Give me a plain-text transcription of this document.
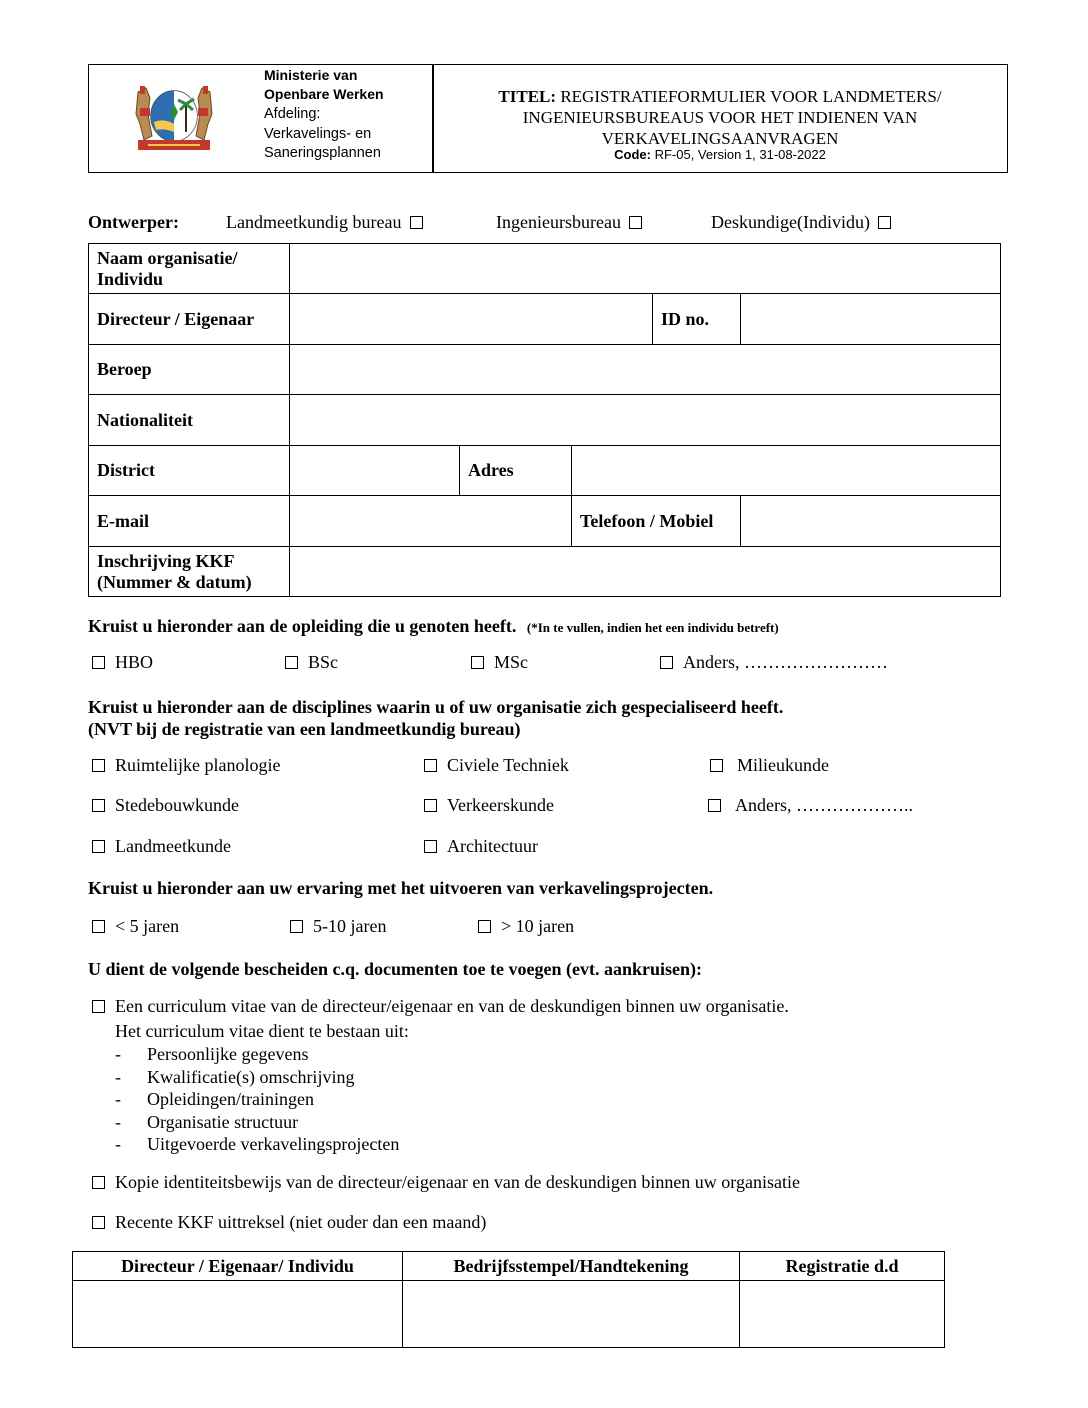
Ministerie van
Openbare Werken
Afdeling:
Verkavelings- en
Saneringsplannen
TITEL: REGISTRATIEFORMULIER VOOR LANDMETERS/
INGENIEURSBUREAUS VOOR HET INDIENEN VAN
VERKAVELINGSAANVRAGEN
Code: RF-05, Version 1, 31-08-2022
Ontwerper:	Landmeetkundig bureau	Ingenieursbureau	Deskundige(Individu)
Naam organisatie/ Individu					
Directeur / Eigenaar				ID no.	
Beroep					
Nationaliteit					
District		Adres			
E-mail			Telefoon / Mobiel		

Inschrijving KKF
(Nummer & datum)					

Kruist u hieronder aan de opleiding die u genoten heeft. (*In te vullen, indien het een individu betreft)
HBO	BSc	MSc	Anders, ……………………
Kruist u hieronder aan de disciplines waarin u of uw organisatie zich gespecialiseerd heeft.
(NVT bij de registratie van een landmeetkundig bureau)
Ruimtelijke planologie	Civiele Techniek	Milieukunde
Stedebouwkunde	Verkeerskunde	Anders, ………………..
Landmeetkunde	Architectuur
Kruist u hieronder aan uw ervaring met het uitvoeren van verkavelingsprojecten.
< 5 jaren	5-10 jaren	> 10 jaren
U dient de volgende bescheiden c.q. documenten toe te voegen (evt. aankruisen):
Een curriculum vitae van de directeur/eigenaar en van de deskundigen binnen uw organisatie.
Het curriculum vitae dient te bestaan uit:
- Persoonlijke gegevens
- Kwalificatie(s) omschrijving
- Opleidingen/trainingen
- Organisatie structuur
- Uitgevoerde verkavelingsprojecten
Kopie identiteitsbewijs van de directeur/eigenaar en van de deskundigen binnen uw organisatie
Recente KKF uittreksel (niet ouder dan een maand)
Directeur / Eigenaar/ Individu	Bedrijfsstempel/Handtekening	Registratie d.d
